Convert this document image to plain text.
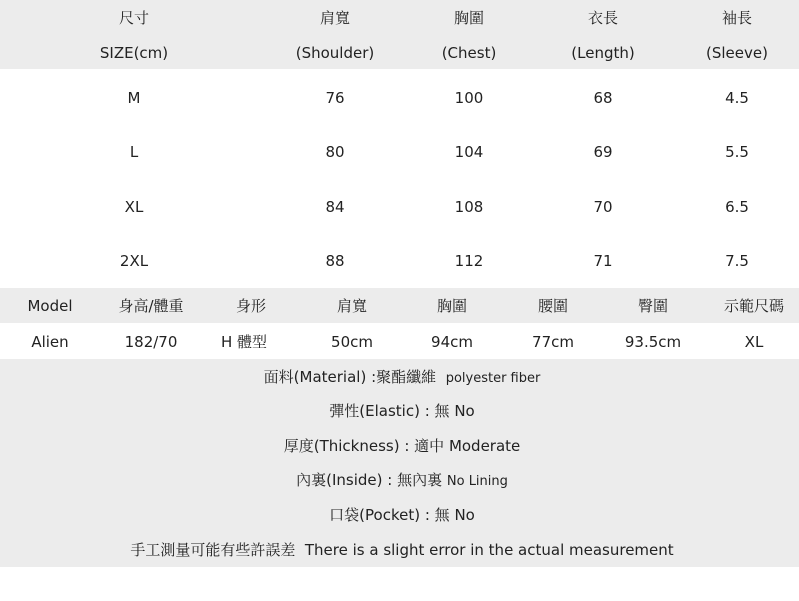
尺寸	肩寬	胸圍	衣長	袖長
SIZE(cm)	(Shoulder)	(Chest)	(Length)	(Sleeve)
M	76	100	68	4.5
L	80	104	69	5.5
XL	84	108	70	6.5
2XL	88	112	71	7.5
Model	身高/體重	身形	肩寬	胸圍	腰圍	臀圍	示範尺碼
Alien	182/70	H 體型	50cm	94cm	77cm	93.5cm	XL
面料(Material) :聚酯纖維 polyester fiber
彈性(Elastic) : 無 No
厚度(Thickness) : 適中 Moderate
內裏(Inside) : 無內裏 No Lining
口袋(Pocket) : 無 No
手工測量可能有些許誤差 There is a slight error in the actual measurement
